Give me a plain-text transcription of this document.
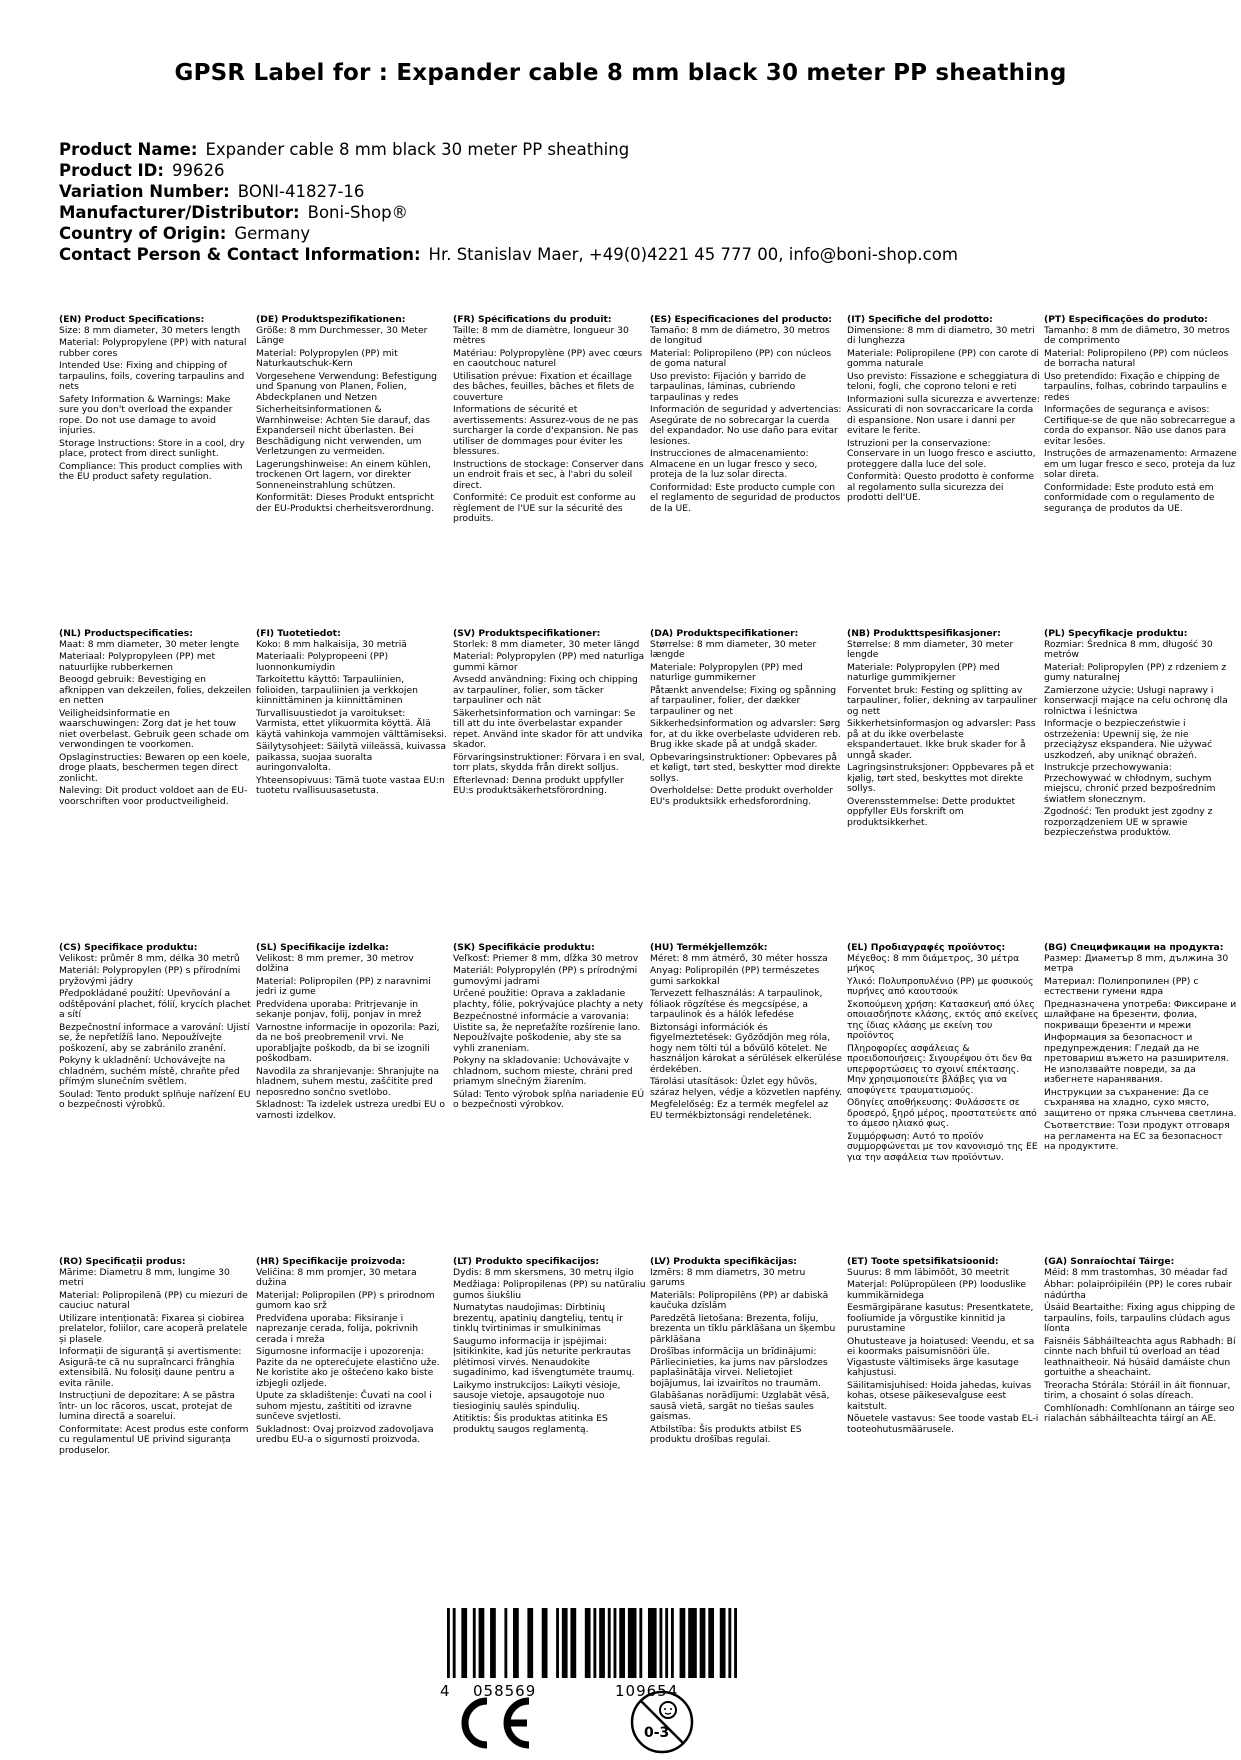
GPSR Label for : Expander cable 8 mm black 30 meter PP sheathing
Product Name: Expander cable 8 mm black 30 meter PP sheathing
Product ID: 99626
Variation Number: BONI-41827-16
Manufacturer/Distributor: Boni-Shop®
Country of Origin: Germany
Contact Person & Contact Information: Hr. Stanislav Maer, +49(0)4221 45 777 00, info@boni-shop.com
(EN) Product Specifications:
Size: 8 mm diameter, 30 meters length
Material: Polypropylene (PP) with natural rubber cores
Intended Use: Fixing and chipping of tarpaulins, foils, covering tarpaulins and nets
Safety Information & Warnings: Make sure you don't overload the expander rope. Do not use damage to avoid injuries.
Storage Instructions: Store in a cool, dry place, protect from direct sunlight.
Compliance: This product complies with the EU product safety regulation.
(DE) Produktspezifikationen:
Größe: 8 mm Durchmesser, 30 Meter Länge
Material: Polypropylen (PP) mit Naturkautschuk-Kern
Vorgesehene Verwendung: Befestigung und Spanung von Planen, Folien, Abdeckplanen und Netzen
Sicherheitsinformationen & Warnhinweise: Achten Sie darauf, das Expanderseil nicht überlasten. Bei Beschädigung nicht verwenden, um Verletzungen zu vermeiden.
Lagerungshinweise: An einem kühlen, trockenen Ort lagern, vor direkter Sonneneinstrahlung schützen.
Konformität: Dieses Produkt entspricht der EU-Produktsi cherheitsverordnung.
(FR) Spécifications du produit:
Taille: 8 mm de diamètre, longueur 30 mètres
Matériau: Polypropylène (PP) avec cœurs en caoutchouc naturel
Utilisation prévue: Fixation et écaillage des bâches, feuilles, bâches et filets de couverture
Informations de sécurité et avertissements: Assurez-vous de ne pas surcharger la corde d'expansion. Ne pas utiliser de dommages pour éviter les blessures.
Instructions de stockage: Conserver dans un endroit frais et sec, à l'abri du soleil direct.
Conformité: Ce produit est conforme au règlement de l'UE sur la sécurité des produits.
(ES) Especificaciones del producto:
Tamaño: 8 mm de diámetro, 30 metros de longitud
Material: Polipropileno (PP) con núcleos de goma natural
Uso previsto: Fijación y barrido de tarpaulinas, láminas, cubriendo tarpaulinas y redes
Información de seguridad y advertencias: Asegúrate de no sobrecargar la cuerda del expandador. No use daño para evitar lesiones.
Instrucciones de almacenamiento: Almacene en un lugar fresco y seco, proteja de la luz solar directa.
Conformidad: Este producto cumple con el reglamento de seguridad de productos de la UE.
(IT) Specifiche del prodotto:
Dimensione: 8 mm di diametro, 30 metri di lunghezza
Materiale: Polipropilene (PP) con carote di gomma naturale
Uso previsto: Fissazione e scheggiatura di teloni, fogli, che coprono teloni e reti
Informazioni sulla sicurezza e avvertenze: Assicurati di non sovraccaricare la corda di espansione. Non usare i danni per evitare le ferite.
Istruzioni per la conservazione: Conservare in un luogo fresco e asciutto, proteggere dalla luce del sole.
Conformità: Questo prodotto è conforme al regolamento sulla sicurezza dei prodotti dell'UE.
(PT) Especificações do produto:
Tamanho: 8 mm de diâmetro, 30 metros de comprimento
Material: Polipropileno (PP) com núcleos de borracha natural
Uso pretendido: Fixação e chipping de tarpaulins, folhas, cobrindo tarpaulins e redes
Informações de segurança e avisos: Certifique-se de que não sobrecarregue a corda do expansor. Não use danos para evitar lesões.
Instruções de armazenamento: Armazene em um lugar fresco e seco, proteja da luz solar direta.
Conformidade: Este produto está em conformidade com o regulamento de segurança de produtos da UE.
(NL) Productspecificaties:
Maat: 8 mm diameter, 30 meter lengte
Materiaal: Polypropyleen (PP) met natuurlijke rubberkernen
Beoogd gebruik: Bevestiging en afknippen van dekzeilen, folies, dekzeilen en netten
Veiligheidsinformatie en waarschuwingen: Zorg dat je het touw niet overbelast. Gebruik geen schade om verwondingen te voorkomen.
Opslaginstructies: Bewaren op een koele, droge plaats, beschermen tegen direct zonlicht.
Naleving: Dit product voldoet aan de EU-voorschriften voor productveiligheid.
(FI) Tuotetiedot:
Koko: 8 mm halkaisija, 30 metriä
Materiaali: Polypropeeni (PP) luonnonkumiydin
Tarkoitettu käyttö: Tarpauliinien, folioiden, tarpauliinien ja verkkojen kiinnittäminen ja kiinnittäminen
Turvallisuustiedot ja varoitukset: Varmista, ettet ylikuormita köyttä. Älä käytä vahinkoja vammojen välttämiseksi.
Säilytysohjeet: Säilytä viileässä, kuivassa paikassa, suojaa suoralta auringonvalolta.
Yhteensopivuus: Tämä tuote vastaa EU:n tuotetu rvallisuusasetusta.
(SV) Produktspecifikationer:
Storlek: 8 mm diameter, 30 meter längd
Material: Polypropylen (PP) med naturliga gummi kärnor
Avsedd användning: Fixing och chipping av tarpauliner, folier, som täcker tarpauliner och nät
Säkerhetsinformation och varningar: Se till att du inte överbelastar expander repet. Använd inte skador för att undvika skador.
Förvaringsinstruktioner: Förvara i en sval, torr plats, skydda från direkt solljus.
Efterlevnad: Denna produkt uppfyller EU:s produktsäkerhetsförordning.
(DA) Produktspecifikationer:
Størrelse: 8 mm diameter, 30 meter længde
Materiale: Polypropylen (PP) med naturlige gummikerner
Påtænkt anvendelse: Fixing og spånning af tarpauliner, folier, der dækker tarpauliner og net
Sikkerhedsinformation og advarsler: Sørg for, at du ikke overbelaste udvideren reb. Brug ikke skade på at undgå skader.
Opbevaringsinstruktioner: Opbevares på et køligt, tørt sted, beskytter mod direkte sollys.
Overholdelse: Dette produkt overholder EU's produktsikk erhedsforordning.
(NB) Produkttspesifikasjoner:
Størrelse: 8 mm diameter, 30 meter lengde
Materiale: Polypropylen (PP) med naturlige gummikjerner
Forventet bruk: Festing og splitting av tarpauliner, folier, dekning av tarpauliner og nett
Sikkerhetsinformasjon og advarsler: Pass på at du ikke overbelaste ekspandertauet. Ikke bruk skader for å unngå skader.
Lagringsinstruksjoner: Oppbevares på et kjølig, tørt sted, beskyttes mot direkte sollys.
Overensstemmelse: Dette produktet oppfyller EUs forskrift om produktsikkerhet.
(PL) Specyfikacje produktu:
Rozmiar: Średnica 8 mm, długość 30 metrów
Materiał: Polipropylen (PP) z rdzeniem z gumy naturalnej
Zamierzone użycie: Usługi naprawy i konserwacji mające na celu ochronę dla rolnictwa i leśnictwa
Informacje o bezpieczeństwie i ostrzeżenia: Upewnij się, że nie przeciążysz ekspandera. Nie używać uszkodzeń, aby uniknąć obrażeń.
Instrukcje przechowywania: Przechowywać w chłodnym, suchym miejscu, chronić przed bezpośrednim światłem słonecznym.
Zgodność: Ten produkt jest zgodny z rozporządzeniem UE w sprawie bezpieczeństwa produktów.
(CS) Specifikace produktu:
Velikost: průměr 8 mm, délka 30 metrů
Materiál: Polypropylen (PP) s přírodními pryžovými jádry
Předpokládané použití: Upevňování a odštěpování plachet, fólií, krycích plachet a sítí
Bezpečnostní informace a varování: Ujistí se, že nepřetížíš lano. Nepoužívejte poškození, aby se zabránilo zranění.
Pokyny k ukladnění: Uchovávejte na chladném, suchém místě, chraňte před přímým slunečním světlem.
Soulad: Tento produkt splňuje nařízení EU o bezpečnosti výrobků.
(SL) Specifikacije izdelka:
Velikost: 8 mm premer, 30 metrov dolžina
Material: Polipropilen (PP) z naravnimi jedri iz gume
Predvidena uporaba: Pritrjevanje in sekanje ponjav, folij, ponjav in mrež
Varnostne informacije in opozorila: Pazi, da ne boš preobremenil vrvi. Ne uporabljajte poškodb, da bi se izognili poškodbam.
Navodila za shranjevanje: Shranjujte na hladnem, suhem mestu, zaščitite pred neposredno sončno svetlobo.
Skladnost: Ta izdelek ustreza uredbi EU o varnosti izdelkov.
(SK) Špecifikácie produktu:
Veľkosť: Priemer 8 mm, dĺžka 30 metrov
Materiál: Polypropylén (PP) s prírodnými gumovými jadrami
Určené použitie: Oprava a zakladanie plachty, fólie, pokrývajúce plachty a nety
Bezpečnostné informácie a varovania: Uistite sa, že nepreťažíte rozšírenie lano. Nepoužívajte poškodenie, aby ste sa vyhli zraneniam.
Pokyny na skladovanie: Uchovávajte v chladnom, suchom mieste, chráni pred priamym slnečným žiarením.
Súlad: Tento výrobok spĺňa nariadenie EÚ o bezpečnosti výrobkov.
(HU) Termékjellemzők:
Méret: 8 mm átmérő, 30 méter hossza
Anyag: Polipropilén (PP) természetes gumi sarkokkal
Tervezett felhasználás: A tarpaulinok, fóliaok rögzítése és megcsípése, a tarpaulinok és a hálók lefedése
Biztonsági információk és figyelmeztetések: Győződjön meg róla, hogy nem tölti túl a bővülő kötelet. Ne használjon károkat a sérülések elkerülése érdekében.
Tárolási utasítások: Üzlet egy hűvös, száraz helyen, védje a közvetlen napfény.
Megfelelőség: Ez a termék megfelel az EU termékbiztonsági rendeletének.
(EL) Προδιαγραφές προϊόντος:
Μέγεθος: 8 mm διάμετρος, 30 μέτρα μήκος
Υλικό: Πολυπροπυλένιο (PP) με φυσικούς πυρήνες από καουτσούκ
Σκοπούμενη χρήση: Κατασκευή από ύλες οποιασδήποτε κλάσης, εκτός από εκείνες της ίδιας κλάσης με εκείνη του προϊόντος
Πληροφορίες ασφάλειας & προειδοποιήσεις: Σιγουρέψου ότι δεν θα υπερφορτώσεις το σχοινί επέκτασης. Μην χρησιμοποιείτε βλάβες για να αποφύγετε τραυματισμούς.
Οδηγίες αποθήκευσης: Φυλάσσετε σε δροσερό, ξηρό μέρος, προστατεύετε από το άμεσο ηλιακό φως.
Συμμόρφωση: Αυτό το προϊόν συμμορφώνεται με τον κανονισμό της ΕΕ για την ασφάλεια των προϊόντων.
(BG) Спецификации на продукта:
Размер: Диаметър 8 mm, дължина 30 метра
Материал: Полипропилен (PP) с естествени гумени ядра
Предназначена употреба: Фиксиране и шлайфане на брезенти, фолиа, покриващи брезенти и мрежи
Информация за безопасност и предупреждения: Гледай да не претовариш въжето на разширителя. Не използвайте повреди, за да избегнете наранявания.
Инструкции за съхранение: Да се съхранява на хладно, сухо място, защитено от пряка слънчева светлина.
Съответствие: Този продукт отговаря на регламента на ЕС за безопасност на продуктите.
(RO) Specificații produs:
Mărime: Diametru 8 mm, lungime 30 metri
Material: Polipropilenă (PP) cu miezuri de cauciuc natural
Utilizare intenționată: Fixarea și ciobirea prelatelor, foliilor, care acoperă prelatele și plasele
Informații de siguranță și avertismente: Asigură-te că nu supraîncarci frânghia extensibilă. Nu folosiți daune pentru a evita rănile.
Instrucțiuni de depozitare: A se păstra într- un loc răcoros, uscat, protejat de lumina directă a soarelui.
Conformitate: Acest produs este conform cu regulamentul UE privind siguranța produselor.
(HR) Specifikacije proizvoda:
Veličina: 8 mm promjer, 30 metara dužina
Materijal: Polipropilen (PP) s prirodnom gumom kao srž
Predviđena uporaba: Fiksiranje i naprezanje cerada, folija, pokrivnih cerada i mreža
Sigurnosne informacije i upozorenja: Pazite da ne opterećujete elastično uže. Ne koristite ako je oštećeno kako biste izbjegli ozljede.
Upute za skladištenje: Čuvati na cool i suhom mjestu, zaštititi od izravne sunčeve svjetlosti.
Sukladnost: Ovaj proizvod zadovoljava uredbu EU-a o sigurnosti proizvoda.
(LT) Produkto specifikacijos:
Dydis: 8 mm skersmens, 30 metrų ilgio
Medžiaga: Polipropilenas (PP) su natūraliu gumos šiukšliu
Numatytas naudojimas: Dirbtinių brezentų, apatinių dangtelių, tentų ir tinklų tvirtinimas ir smulkinimas
Saugumo informacija ir įspėjimai: Įsitikinkite, kad jūs neturite perkrautas plėtimosi virvės. Nenaudokite sugadinimo, kad išvengtumėte traumų.
Laikymo instrukcijos: Laikyti vėsioje, sausoje vietoje, apsaugotoje nuo tiesioginių saulės spindulių.
Atitiktis: Šis produktas atitinka ES produktų saugos reglamentą.
(LV) Produkta specifikācijas:
Izmērs: 8 mm diametrs, 30 metru garums
Materiāls: Polipropilēns (PP) ar dabiskā kaučuka dzīslām
Paredzētā lietošana: Brezenta, foliju, brezenta un tīklu pārklāšana un šķembu pārklāšana
Drošības informācija un brīdinājumi: Pārliecinieties, ka jums nav pārslodzes paplašinātāja virvei. Nelietojiet bojājumus, lai izvairītos no traumām.
Glabāšanas norādījumi: Uzglabāt vēsā, sausā vietā, sargāt no tiešas saules gaismas.
Atbilstība: Šis produkts atbilst ES produktu drošības regulai.
(ET) Toote spetsifikatsioonid:
Suurus: 8 mm läbimõõt, 30 meetrit
Materjal: Polüpropüleen (PP) looduslike kummikärnidega
Eesmärgipärane kasutus: Presentkatete, fooliumide ja võrgustike kinnitid ja purustamine
Ohutusteave ja hoiatused: Veendu, et sa ei koormaks paisumisnööri üle. Vigastuste vältimiseks ärge kasutage kahjustusi.
Säilitamisjuhised: Hoida jahedas, kuivas kohas, otsese päikesevalguse eest kaitstult.
Nõuetele vastavus: See toode vastab EL-i tooteohutusmäärusele.
(GA) Sonraíochtaí Táirge:
Méid: 8 mm trastomhas, 30 méadar fad
Ábhar: polaipróipiléin (PP) le cores rubair nádúrtha
Úsáid Beartaithe: Fixing agus chipping de tarpaulins, foils, tarpaulins clúdach agus líonta
Faisnéis Sábháilteachta agus Rabhadh: Bí cinnte nach bhfuil tú overload an téad leathnaitheoir. Ná húsáid damáiste chun gortuithe a sheachaint.
Treoracha Stórála: Stóráil in áit fionnuar, tirim, a chosaint ó solas díreach.
Comhlíonadh: Comhlíonann an táirge seo rialachán sábháilteachta táirgí an AE.
4 058569	109654
0-3
